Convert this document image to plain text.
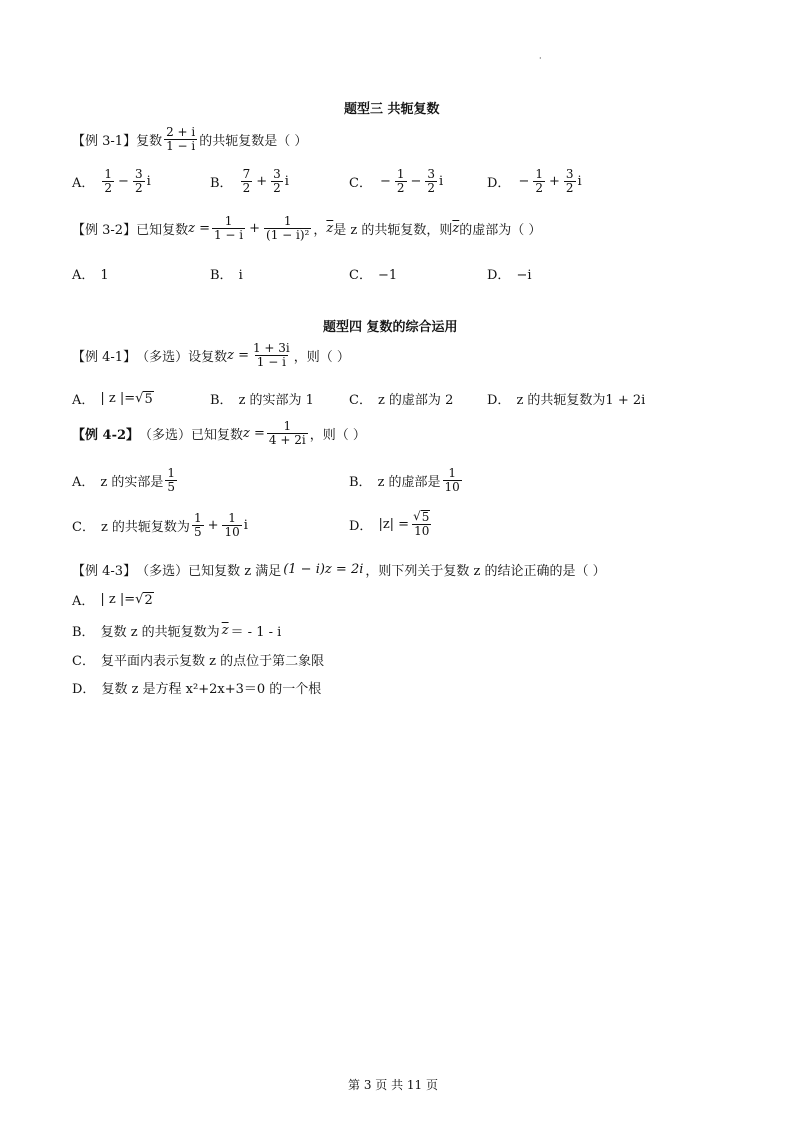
·
题型三 共轭复数
【例 3-1】 复数 $\frac{2 + i}{1 - i}$ 的共轭复数是（ ）
A． $\frac{1}{2} - \frac{3}{2}$ i	B． $\frac{7}{2} + \frac{3}{2}$ i	C． − $\frac{1}{2} - \frac{3}{2}$ i	D． − $\frac{1}{2} + \frac{3}{2}$ i
【例 3-2】 已知复数 $z = \frac{1}{1 - i} + \frac{1}{\text{(1 − i)²}}$ ， $\overline{z}$ 是 z 的共轭复数，则 $\overline{z}$ 的虚部为（ ）
A． 1	B． i	C． −1	D． −i
题型四 复数的综合运用
【例 4-1】 （多选）设复数 $z = \frac{1 + 3i}{1 - i}$ ，则（ ）
A． | z |= √ 5	B． z 的实部为 1	C． z 的虚部为 2	D． z 的共轭复数为1 + 2i
【例 4-2】 （多选）已知复数 $z = \frac{1}{4 + 2i}$ ，则（ ）
A． z 的实部是 $\frac{1}{5}$	B． z 的虚部是 $\frac{1}{10}$
C． z 的共轭复数为 $\frac{1}{5} + \frac{1}{10}$ i	D． $|z| = \frac{√ 5}{10}$
【例 4-3】 （多选）已知复数 z 满足 (1 − i)z = 2i ，则下列关于复数 z 的结论正确的是（ ）
A． | z |= √ 2
B． 复数 z 的共轭复数为 $\overline{z}$ ＝ - 1 - i
C． 复平面内表示复数 z 的点位于第二象限
D． 复数 z 是方程 x²+2x+3＝0 的一个根
第 3 页 共 11 页
